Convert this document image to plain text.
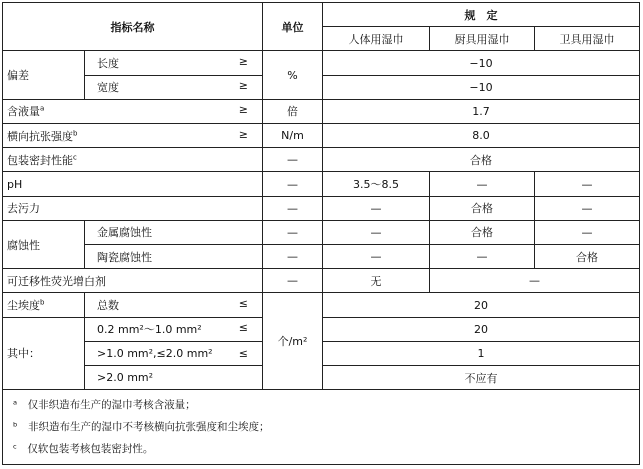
指标名称		单位	规　定		
			人体用湿巾	厨具用湿巾	卫具用湿巾
偏差	长度 ≥	%	−10		
	宽度 ≥		−10		
含液量$^a$ ≥		倍	1.7		
横向抗张强度$^b$ ≥		N/m	8.0		
包装密封性能$^c$		—	合格		
pH		—	3.5～8.5	—	—
去污力		—	—	合格	—
腐蚀性	金属腐蚀性	—	—	合格	—
	陶瓷腐蚀性	—	—	—	合格
可迁移性荧光增白剂		—	无	—	
尘埃度$^b$	总数 ≤	个/m²	20		
其中：	0.2 mm²～1.0 mm² ≤		20		
	>1.0 mm²,≤2.0 mm² ≤		1		
	>2.0 mm²		不应有		

ᵃ　仅非织造布生产的湿巾考核含液量；
ᵇ　非织造布生产的湿巾不考核横向抗张强度和尘埃度；
ᶜ　仅软包装考核包装密封性。					
